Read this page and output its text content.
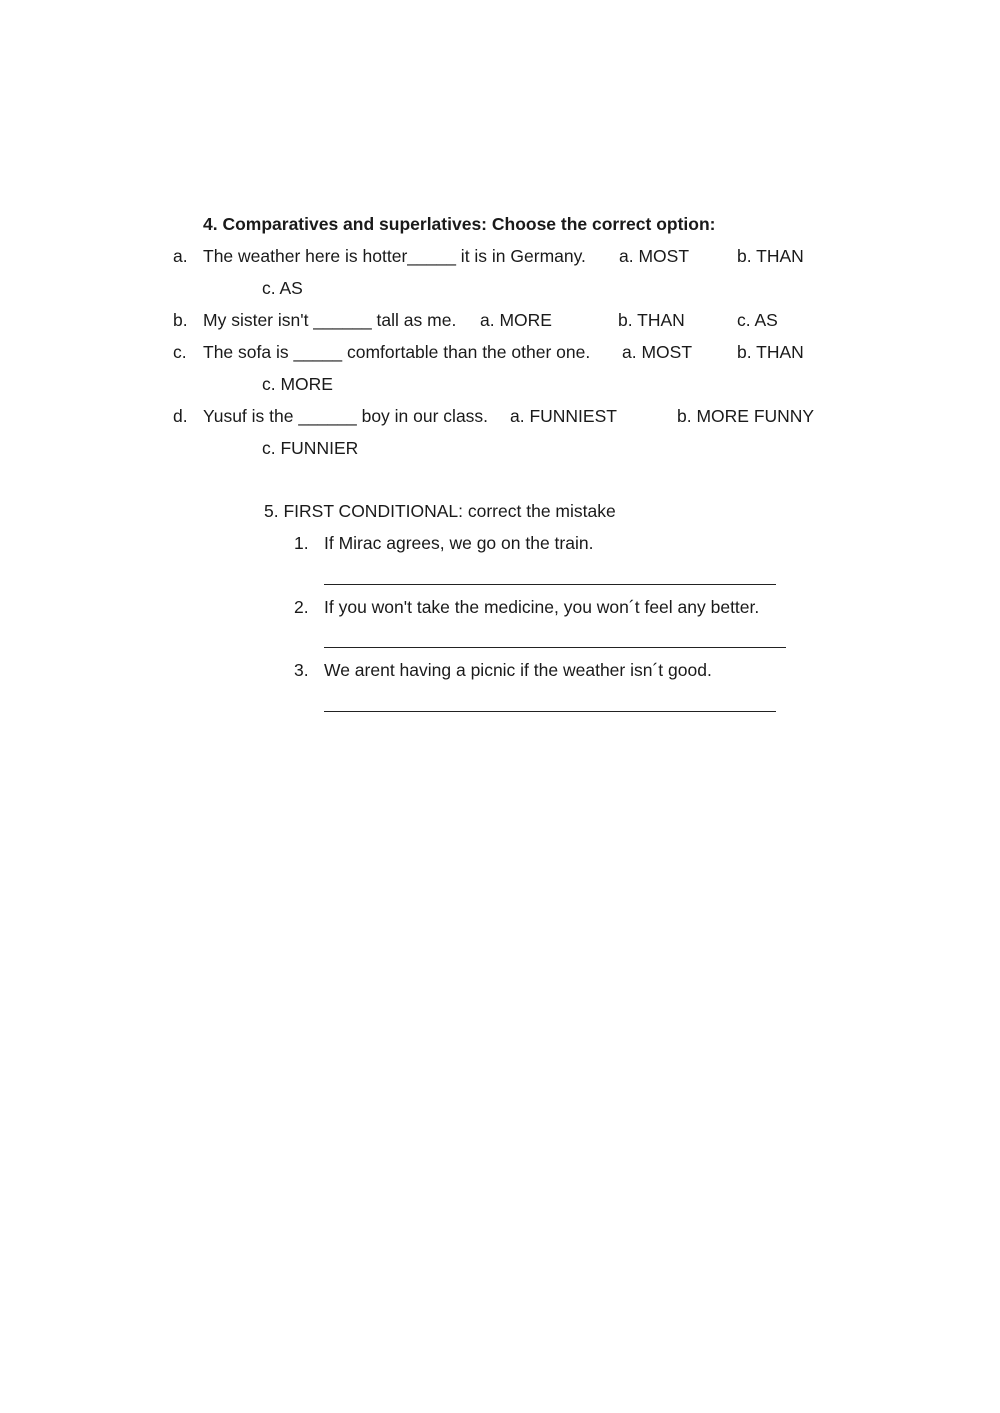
4. Comparatives and superlatives: Choose the correct option:
a. The weather here is hotter_____ it is in Germany. a. MOST	b. THAN
c. AS
b. My sister isn't ______ tall as me. a. MORE	b. THAN	c. AS
c. The sofa is _____ comfortable than the other one. a. MOST	b. THAN
c. MORE
d. Yusuf is the ______ boy in our class. a. FUNNIEST	b. MORE FUNNY
c. FUNNIER
5. FIRST CONDITIONAL: correct the mistake
1. If Mirac agrees, we go on the train.
2. If you won't take the medicine, you won´t feel any better.
3. We arent having a picnic if the weather isn´t good.
